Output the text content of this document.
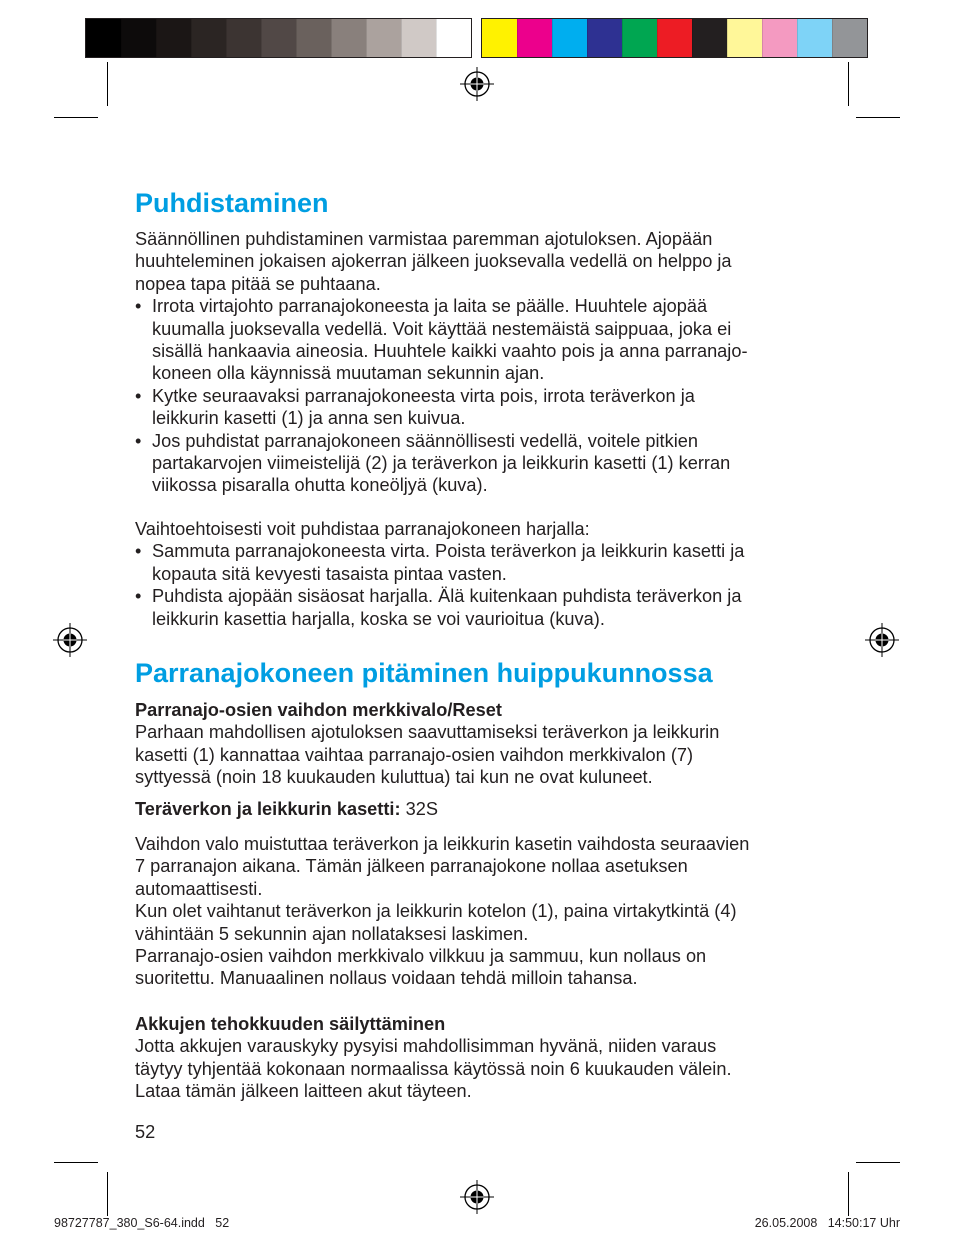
Puhdistaminen
Säännöllinen puhdistaminen varmistaa paremman ajotuloksen. Ajopään
huuhteleminen jokaisen ajokerran jälkeen juoksevalla vedellä on helppo ja
nopea tapa pitää se puhtaana.
• Irrota virtajohto parranajokoneesta ja laita se päälle. Huuhtele ajopää
kuumalla juoksevalla vedellä. Voit käyttää nestemäistä saippuaa, joka ei
sisällä hankaavia aineosia. Huuhtele kaikki vaahto pois ja anna parranajo-
koneen olla käynnissä muutaman sekunnin ajan.
• Kytke seuraavaksi parranajokoneesta virta pois, irrota teräverkon ja
leikkurin kasetti (1) ja anna sen kuivua.
• Jos puhdistat parranajokoneen säännöllisesti vedellä, voitele pitkien
partakarvojen viimeistelijä (2) ja teräverkon ja leikkurin kasetti (1) kerran
viikossa pisaralla ohutta koneöljyä (kuva).
Vaihtoehtoisesti voit puhdistaa parranajokoneen harjalla:
• Sammuta parranajokoneesta virta. Poista teräverkon ja leikkurin kasetti ja
kopauta sitä kevyesti tasaista pintaa vasten.
• Puhdista ajopään sisäosat harjalla. Älä kuitenkaan puhdista teräverkon ja
leikkurin kasettia harjalla, koska se voi vaurioitua (kuva).
Parranajokoneen pitäminen huippukunnossa
Parranajo-osien vaihdon merkkivalo/Reset
Parhaan mahdollisen ajotuloksen saavuttamiseksi teräverkon ja leikkurin
kasetti (1) kannattaa vaihtaa parranajo-osien vaihdon merkkivalon (7)
syttyessä (noin 18 kuukauden kuluttua) tai kun ne ovat kuluneet.
Teräverkon ja leikkurin kasetti: 32S
Vaihdon valo muistuttaa teräverkon ja leikkurin kasetin vaihdosta seuraavien
7 parranajon aikana. Tämän jälkeen parranajokone nollaa asetuksen
automaattisesti.
Kun olet vaihtanut teräverkon ja leikkurin kotelon (1), paina virtakytkintä (4)
vähintään 5 sekunnin ajan nollataksesi laskimen.
Parranajo-osien vaihdon merkkivalo vilkkuu ja sammuu, kun nollaus on
suoritettu. Manuaalinen nollaus voidaan tehdä milloin tahansa.
Akkujen tehokkuuden säilyttäminen
Jotta akkujen varauskyky pysyisi mahdollisimman hyvänä, niiden varaus
täytyy tyhjentää kokonaan normaalissa käytössä noin 6 kuukauden välein.
Lataa tämän jälkeen laitteen akut täyteen.
52
98727787_380_S6-64.indd   52	26.05.2008   14:50:17 Uhr
